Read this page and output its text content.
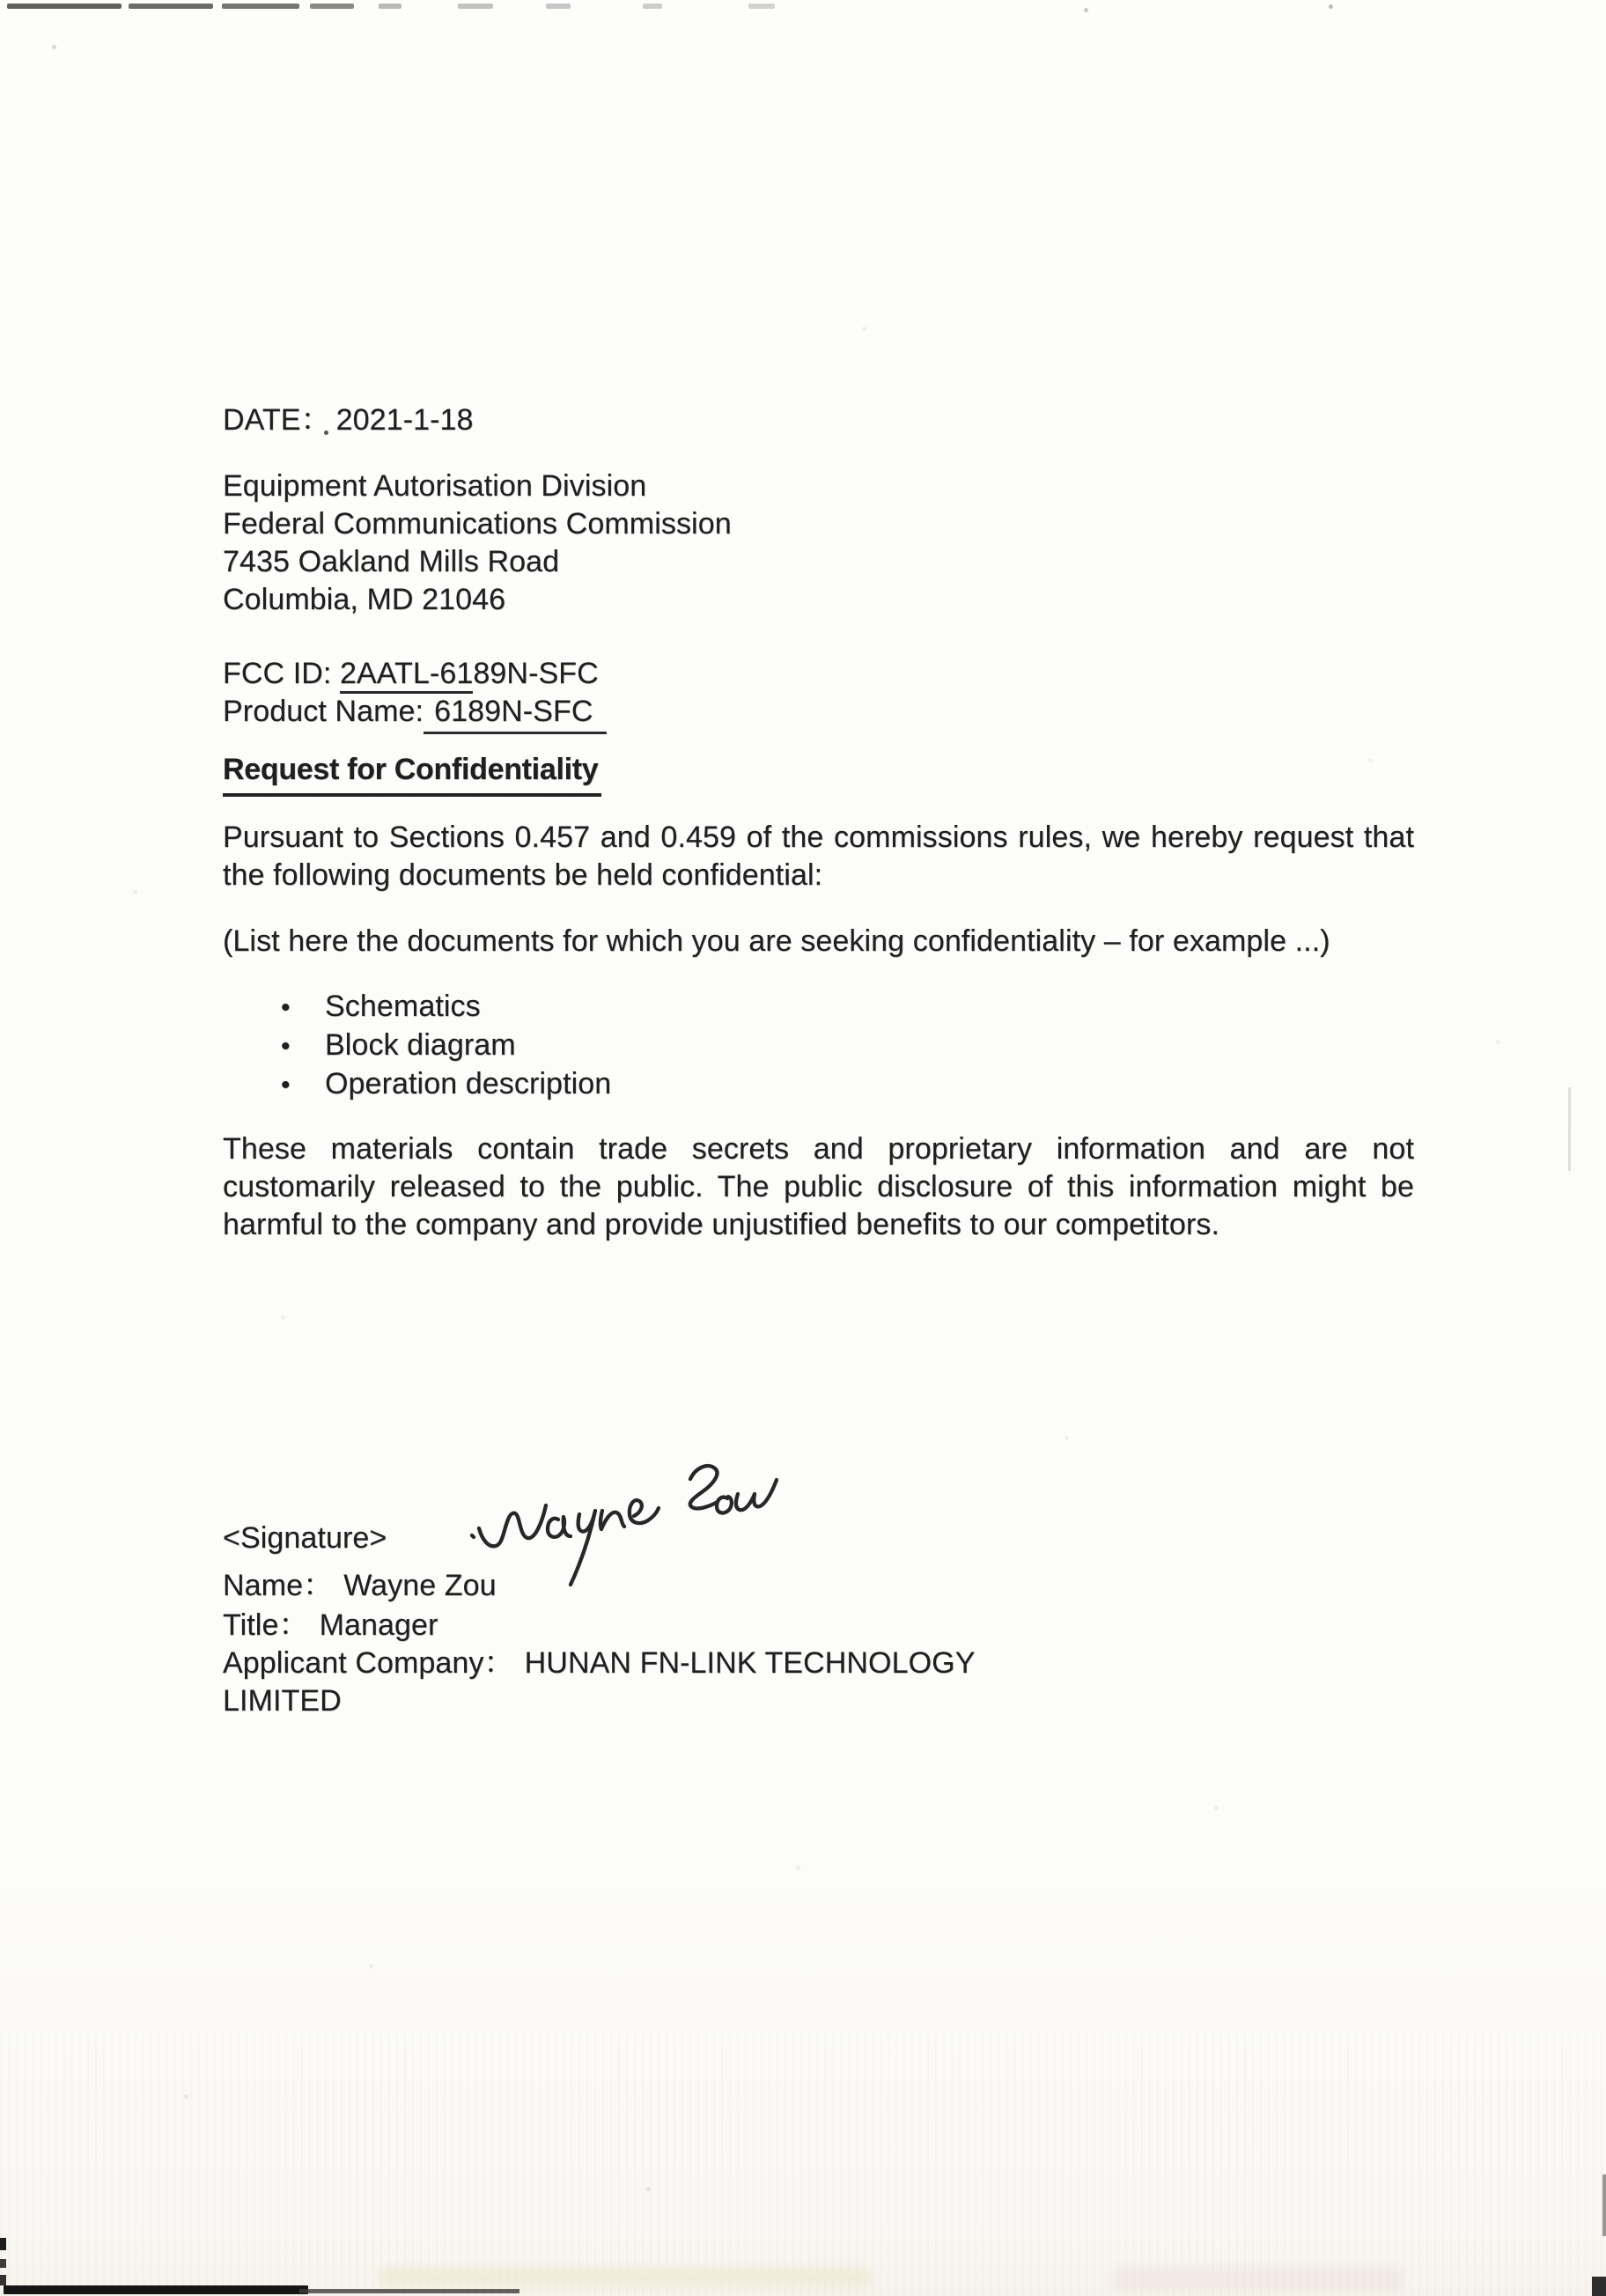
DATE： 2021-1-18
Equipment Autorisation Division
Federal Communications Commission
7435 Oakland Mills Road
Columbia, MD 21046
FCC ID: 2AATL-6189N-SFC
Product Name: 6189N-SFC
Request for Confidentiality
Pursuant to Sections 0.457 and 0.459 of the commissions rules, we hereby request that
the following documents be held confidential:
(List here the documents for which you are seeking confidentiality – for example ...)
• Schematics
• Block diagram
• Operation description
These materials contain trade secrets and proprietary information and are not
customarily released to the public. The public disclosure of this information might be
harmful to the company and provide unjustified benefits to our competitors.
<Signature>
Name： Wayne Zou
Title： Manager
Applicant Company： HUNAN FN-LINK TECHNOLOGY
LIMITED
